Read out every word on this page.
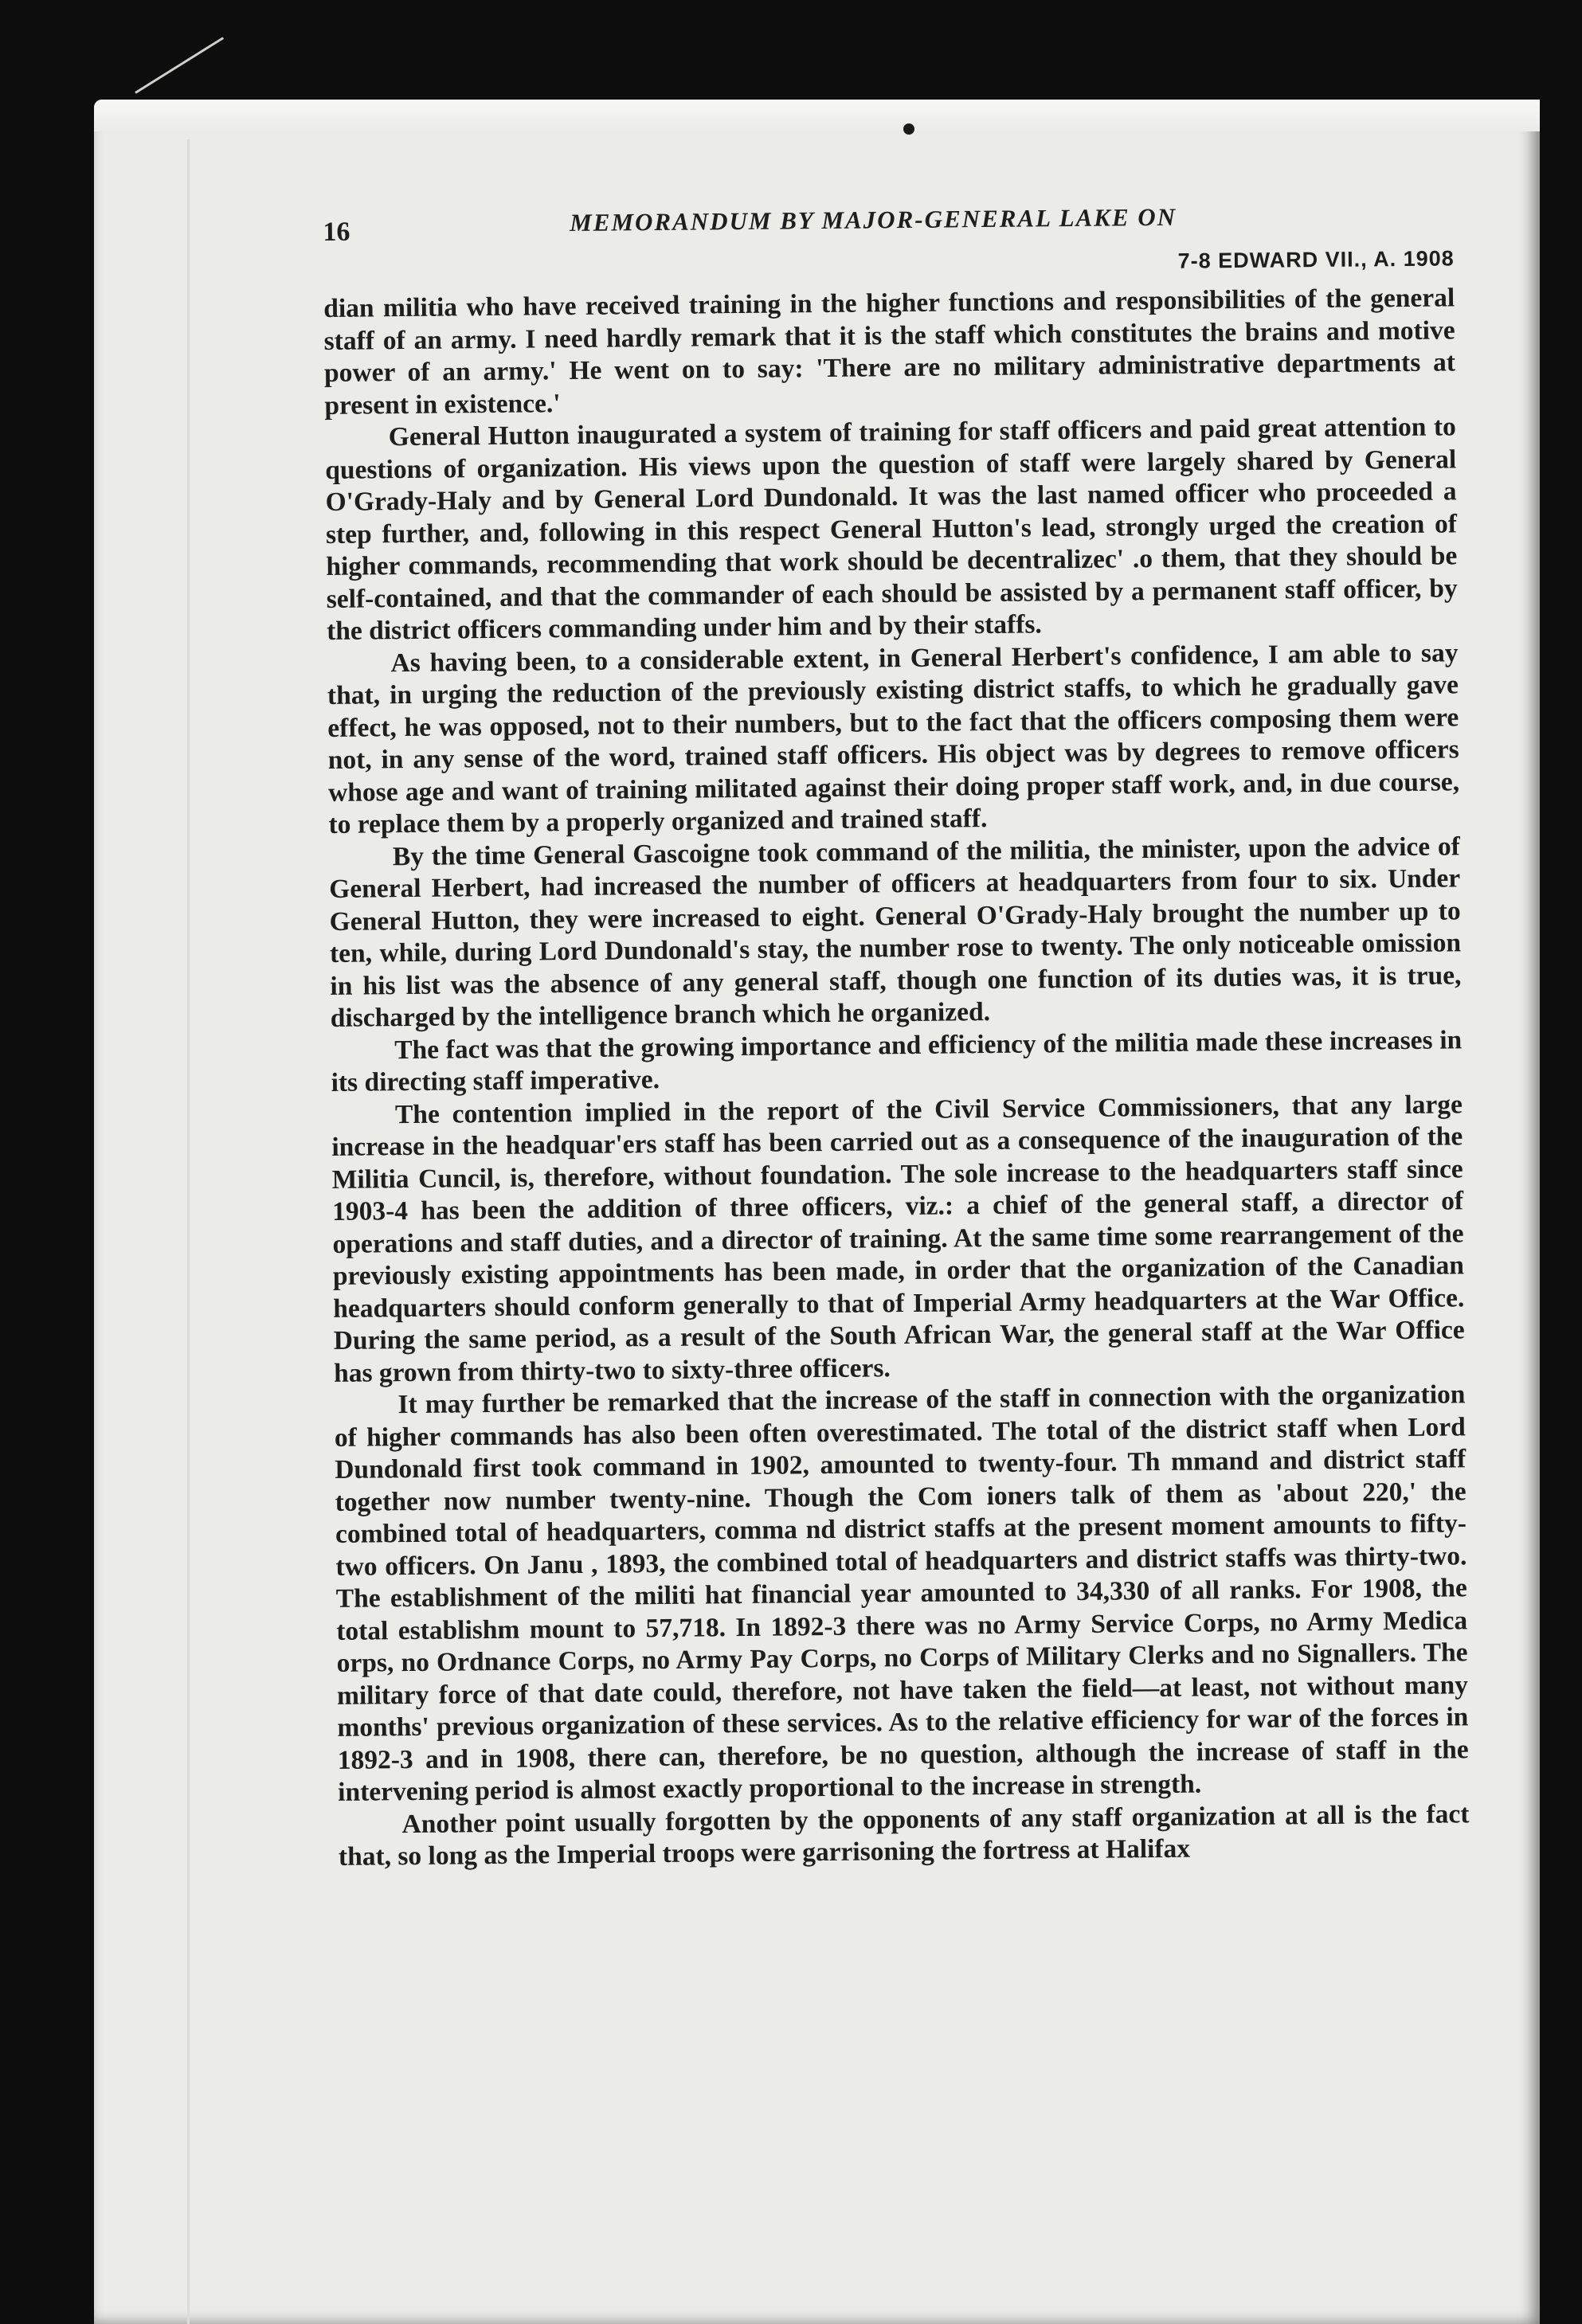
16	MEMORANDUM BY MAJOR-GENERAL LAKE ON
7-8 EDWARD VII., A. 1908

dian militia who have received training in the higher functions and responsibilities of the general staff of an army. I need hardly remark that it is the staff which constitutes the brains and motive power of an army.' He went on to say: 'There are no military administrative departments at present in existence.'

General Hutton inaugurated a system of training for staff officers and paid great attention to questions of organization. His views upon the question of staff were largely shared by General O'Grady-Haly and by General Lord Dundonald. It was the last named officer who proceeded a step further, and, following in this respect General Hutton's lead, strongly urged the creation of higher commands, recommending that work should be decentralizec' .o them, that they should be self-contained, and that the commander of each should be assisted by a permanent staff officer, by the district officers commanding under him and by their staffs.

As having been, to a considerable extent, in General Herbert's confidence, I am able to say that, in urging the reduction of the previously existing district staffs, to which he gradually gave effect, he was opposed, not to their numbers, but to the fact that the officers composing them were not, in any sense of the word, trained staff officers. His object was by degrees to remove officers whose age and want of training militated against their doing proper staff work, and, in due course, to replace them by a properly organized and trained staff.

By the time General Gascoigne took command of the militia, the minister, upon the advice of General Herbert, had increased the number of officers at headquarters from four to six. Under General Hutton, they were increased to eight. General O'Grady-Haly brought the number up to ten, while, during Lord Dundonald's stay, the number rose to twenty. The only noticeable omission in his list was the absence of any general staff, though one function of its duties was, it is true, discharged by the intelligence branch which he organized.

The fact was that the growing importance and efficiency of the militia made these increases in its directing staff imperative.

The contention implied in the report of the Civil Service Commissioners, that any large increase in the headquar'ers staff has been carried out as a consequence of the inauguration of the Militia Cuncil, is, therefore, without foundation. The sole increase to the headquarters staff since 1903-4 has been the addition of three officers, viz.: a chief of the general staff, a director of operations and staff duties, and a director of training. At the same time some rearrangement of the previously existing appointments has been made, in order that the organization of the Canadian headquarters should conform generally to that of Imperial Army headquarters at the War Office. During the same period, as a result of the South African War, the general staff at the War Office has grown from thirty-two to sixty-three officers.

It may further be remarked that the increase of the staff in connection with the organization of higher commands has also been often overestimated. The total of the district staff when Lord Dundonald first took command in 1902, amounted to twenty-four. Th mmand and district staff together now number twenty-nine. Though the Com ioners talk of them as 'about 220,' the combined total of headquarters, comma nd district staffs at the present moment amounts to fifty-two officers. On Janu , 1893, the combined total of headquarters and district staffs was thirty-two. The establishment of the militi hat financial year amounted to 34,330 of all ranks. For 1908, the total establishm mount to 57,718. In 1892-3 there was no Army Service Corps, no Army Medica orps, no Ordnance Corps, no Army Pay Corps, no Corps of Military Clerks and no Signallers. The military force of that date could, therefore, not have taken the field—at least, not without many months' previous organization of these services. As to the relative efficiency for war of the forces in 1892-3 and in 1908, there can, therefore, be no question, although the increase of staff in the intervening period is almost exactly proportional to the increase in strength.

Another point usually forgotten by the opponents of any staff organization at all is the fact that, so long as the Imperial troops were garrisoning the fortress at Halifax
